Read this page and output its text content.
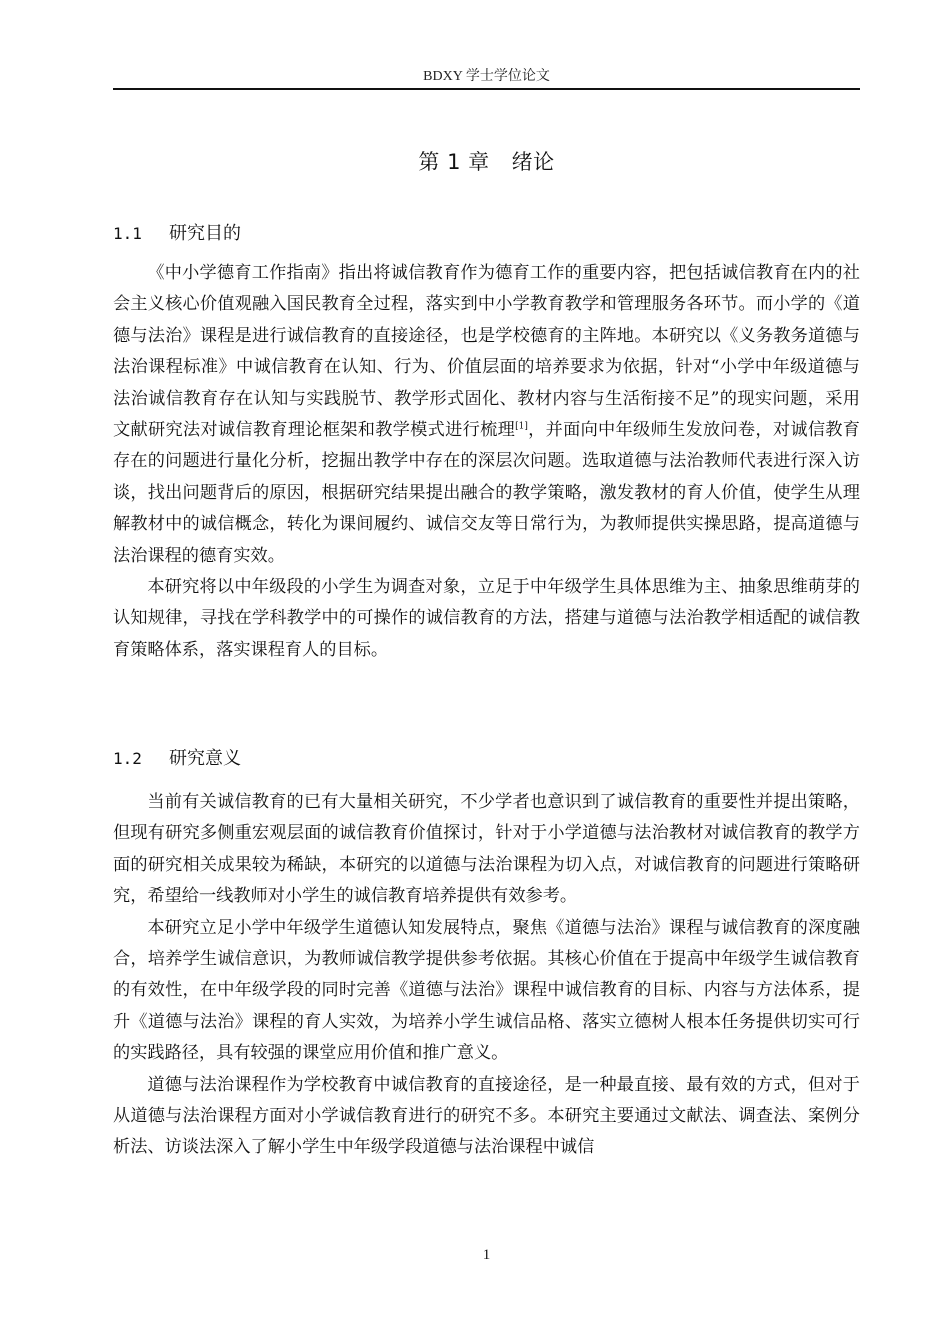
BDXY 学士学位论文
第 1 章 绪论
1.1 研究目的

《中小学德育工作指南》指出将诚信教育作为德育工作的重要内容，把包括诚信教育在内的社会主义核心价值观融入国民教育全过程，落实到中小学教育教学和管理服务各环节。而小学的《道德与法治》课程是进行诚信教育的直接途径，也是学校德育的主阵地。本研究以《义务教务道德与法治课程标准》中诚信教育在认知、行为、价值层面的培养要求为依据，针对“小学中年级道德与法治诚信教育存在认知与实践脱节、教学形式固化、教材内容与生活衔接不足”的现实问题，采用文献研究法对诚信教育理论框架和教学模式进行梳理[1]，并面向中年级师生发放问卷，对诚信教育存在的问题进行量化分析，挖掘出教学中存在的深层次问题。选取道德与法治教师代表进行深入访谈，找出问题背后的原因，根据研究结果提出融合的教学策略，激发教材的育人价值，使学生从理解教材中的诚信概念，转化为课间履约、诚信交友等日常行为，为教师提供实操思路，提高道德与法治课程的德育实效。

本研究将以中年级段的小学生为调查对象，立足于中年级学生具体思维为主、抽象思维萌芽的认知规律，寻找在学科教学中的可操作的诚信教育的方法，搭建与道德与法治教学相适配的诚信教育策略体系，落实课程育人的目标。

1.2 研究意义

当前有关诚信教育的已有大量相关研究，不少学者也意识到了诚信教育的重要性并提出策略，但现有研究多侧重宏观层面的诚信教育价值探讨，针对于小学道德与法治教材对诚信教育的教学方面的研究相关成果较为稀缺，本研究的以道德与法治课程为切入点，对诚信教育的问题进行策略研究，希望给一线教师对小学生的诚信教育培养提供有效参考。

本研究立足小学中年级学生道德认知发展特点，聚焦《道德与法治》课程与诚信教育的深度融合，培养学生诚信意识，为教师诚信教学提供参考依据。其核心价值在于提高中年级学生诚信教育的有效性，在中年级学段的同时完善《道德与法治》课程中诚信教育的目标、内容与方法体系，提升《道德与法治》课程的育人实效，为培养小学生诚信品格、落实立德树人根本任务提供切实可行的实践路径，具有较强的课堂应用价值和推广意义。

道德与法治课程作为学校教育中诚信教育的直接途径，是一种最直接、最有效的方式，但对于从道德与法治课程方面对小学诚信教育进行的研究不多。本研究主要通过文献法、调查法、案例分析法、访谈法深入了解小学生中年级学段道德与法治课程中诚信

1
